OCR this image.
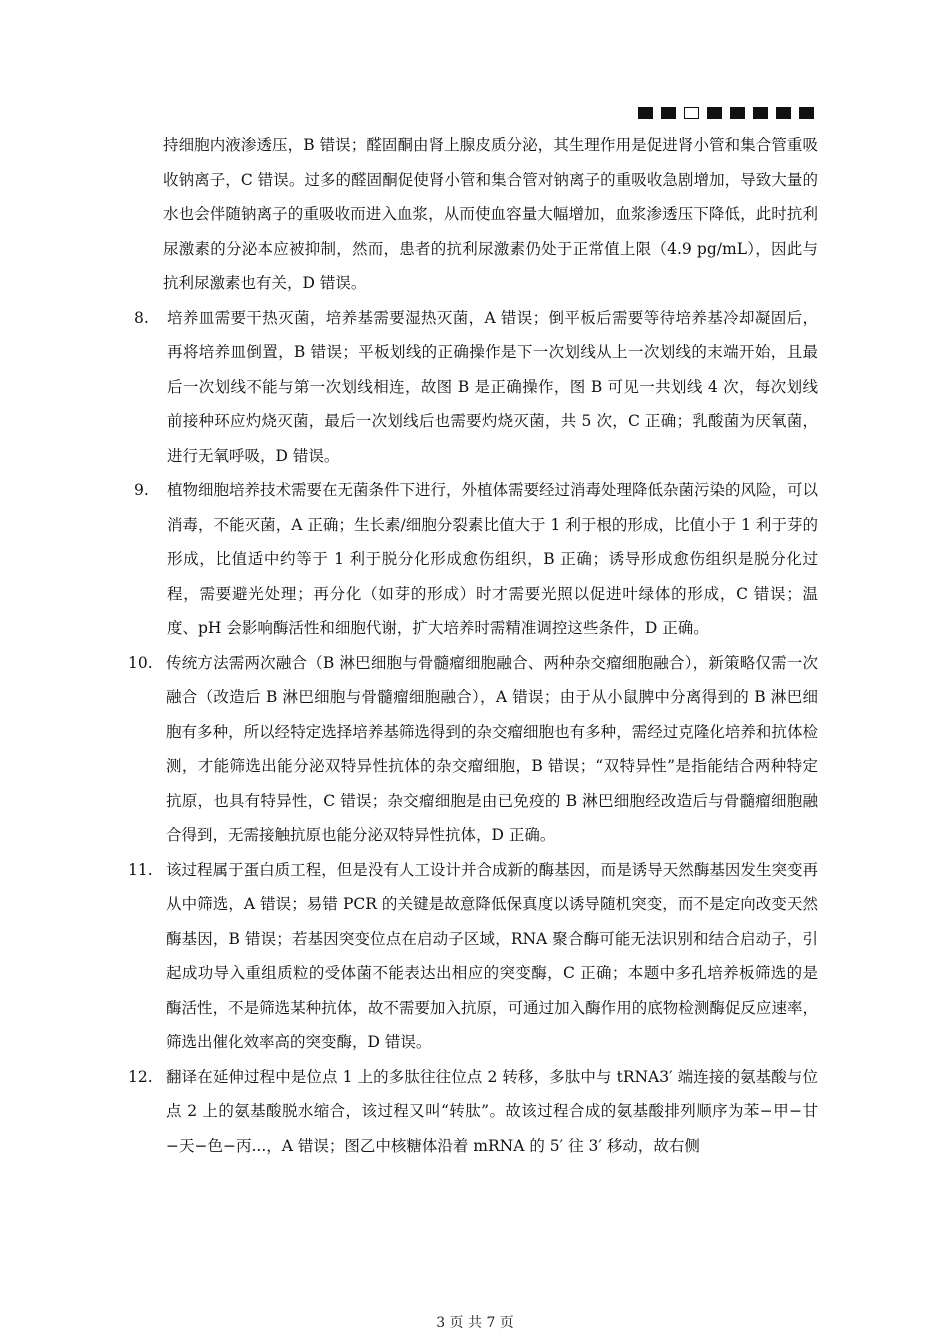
持细胞内液渗透压，B 错误；醛固酮由肾上腺皮质分泌，其生理作用是促进肾小管和集合管重吸收钠离子，C 错误。过多的醛固酮促使肾小管和集合管对钠离子的重吸收急剧增加，导致大量的水也会伴随钠离子的重吸收而进入血浆，从而使血容量大幅增加，血浆渗透压下降低，此时抗利尿激素的分泌本应被抑制，然而，患者的抗利尿激素仍处于正常值上限（4.9 pg/mL），因此与抗利尿激素也有关，D 错误。

8.	培养皿需要干热灭菌，培养基需要湿热灭菌，A 错误；倒平板后需要等待培养基冷却凝固后，再将培养皿倒置，B 错误；平板划线的正确操作是下一次划线从上一次划线的末端开始，且最后一次划线不能与第一次划线相连，故图 B 是正确操作，图 B 可见一共划线 4 次，每次划线前接种环应灼烧灭菌，最后一次划线后也需要灼烧灭菌，共 5 次，C 正确；乳酸菌为厌氧菌，进行无氧呼吸，D 错误。
9.	植物细胞培养技术需要在无菌条件下进行，外植体需要经过消毒处理降低杂菌污染的风险，可以消毒，不能灭菌，A 正确；生长素/细胞分裂素比值大于 1 利于根的形成，比值小于 1 利于芽的形成，比值适中约等于 1 利于脱分化形成愈伤组织，B 正确；诱导形成愈伤组织是脱分化过程，需要避光处理；再分化（如芽的形成）时才需要光照以促进叶绿体的形成，C 错误；温度、pH 会影响酶活性和细胞代谢，扩大培养时需精准调控这些条件，D 正确。
10. 传统方法需两次融合（B 淋巴细胞与骨髓瘤细胞融合、两种杂交瘤细胞融合），新策略仅需一次融合（改造后 B 淋巴细胞与骨髓瘤细胞融合），A 错误；由于从小鼠脾中分离得到的 B 淋巴细胞有多种，所以经特定选择培养基筛选得到的杂交瘤细胞也有多种，需经过克隆化培养和抗体检测，才能筛选出能分泌双特异性抗体的杂交瘤细胞，B 错误；“双特异性”是指能结合两种特定抗原，也具有特异性，C 错误；杂交瘤细胞是由已免疫的 B 淋巴细胞经改造后与骨髓瘤细胞融合得到，无需接触抗原也能分泌双特异性抗体，D 正确。
11. 该过程属于蛋白质工程，但是没有人工设计并合成新的酶基因，而是诱导天然酶基因发生突变再从中筛选，A 错误；易错 PCR 的关键是故意降低保真度以诱导随机突变，而不是定向改变天然酶基因，B 错误；若基因突变位点在启动子区域，RNA 聚合酶可能无法识别和结合启动子，引起成功导入重组质粒的受体菌不能表达出相应的突变酶，C 正确；本题中多孔培养板筛选的是酶活性，不是筛选某种抗体，故不需要加入抗原，可通过加入酶作用的底物检测酶促反应速率，筛选出催化效率高的突变酶，D 错误。
12. 翻译在延伸过程中是位点 1 上的多肽往往位点 2 转移，多肽中与 tRNA3′ 端连接的氨基酸与位点 2 上的氨基酸脱水缩合，该过程又叫“转肽”。故该过程合成的氨基酸排列顺序为苯−甲−甘−天−色−丙...，A 错误；图乙中核糖体沿着 mRNA 的 5′ 往 3′ 移动，故右侧
3 页 共 7 页
